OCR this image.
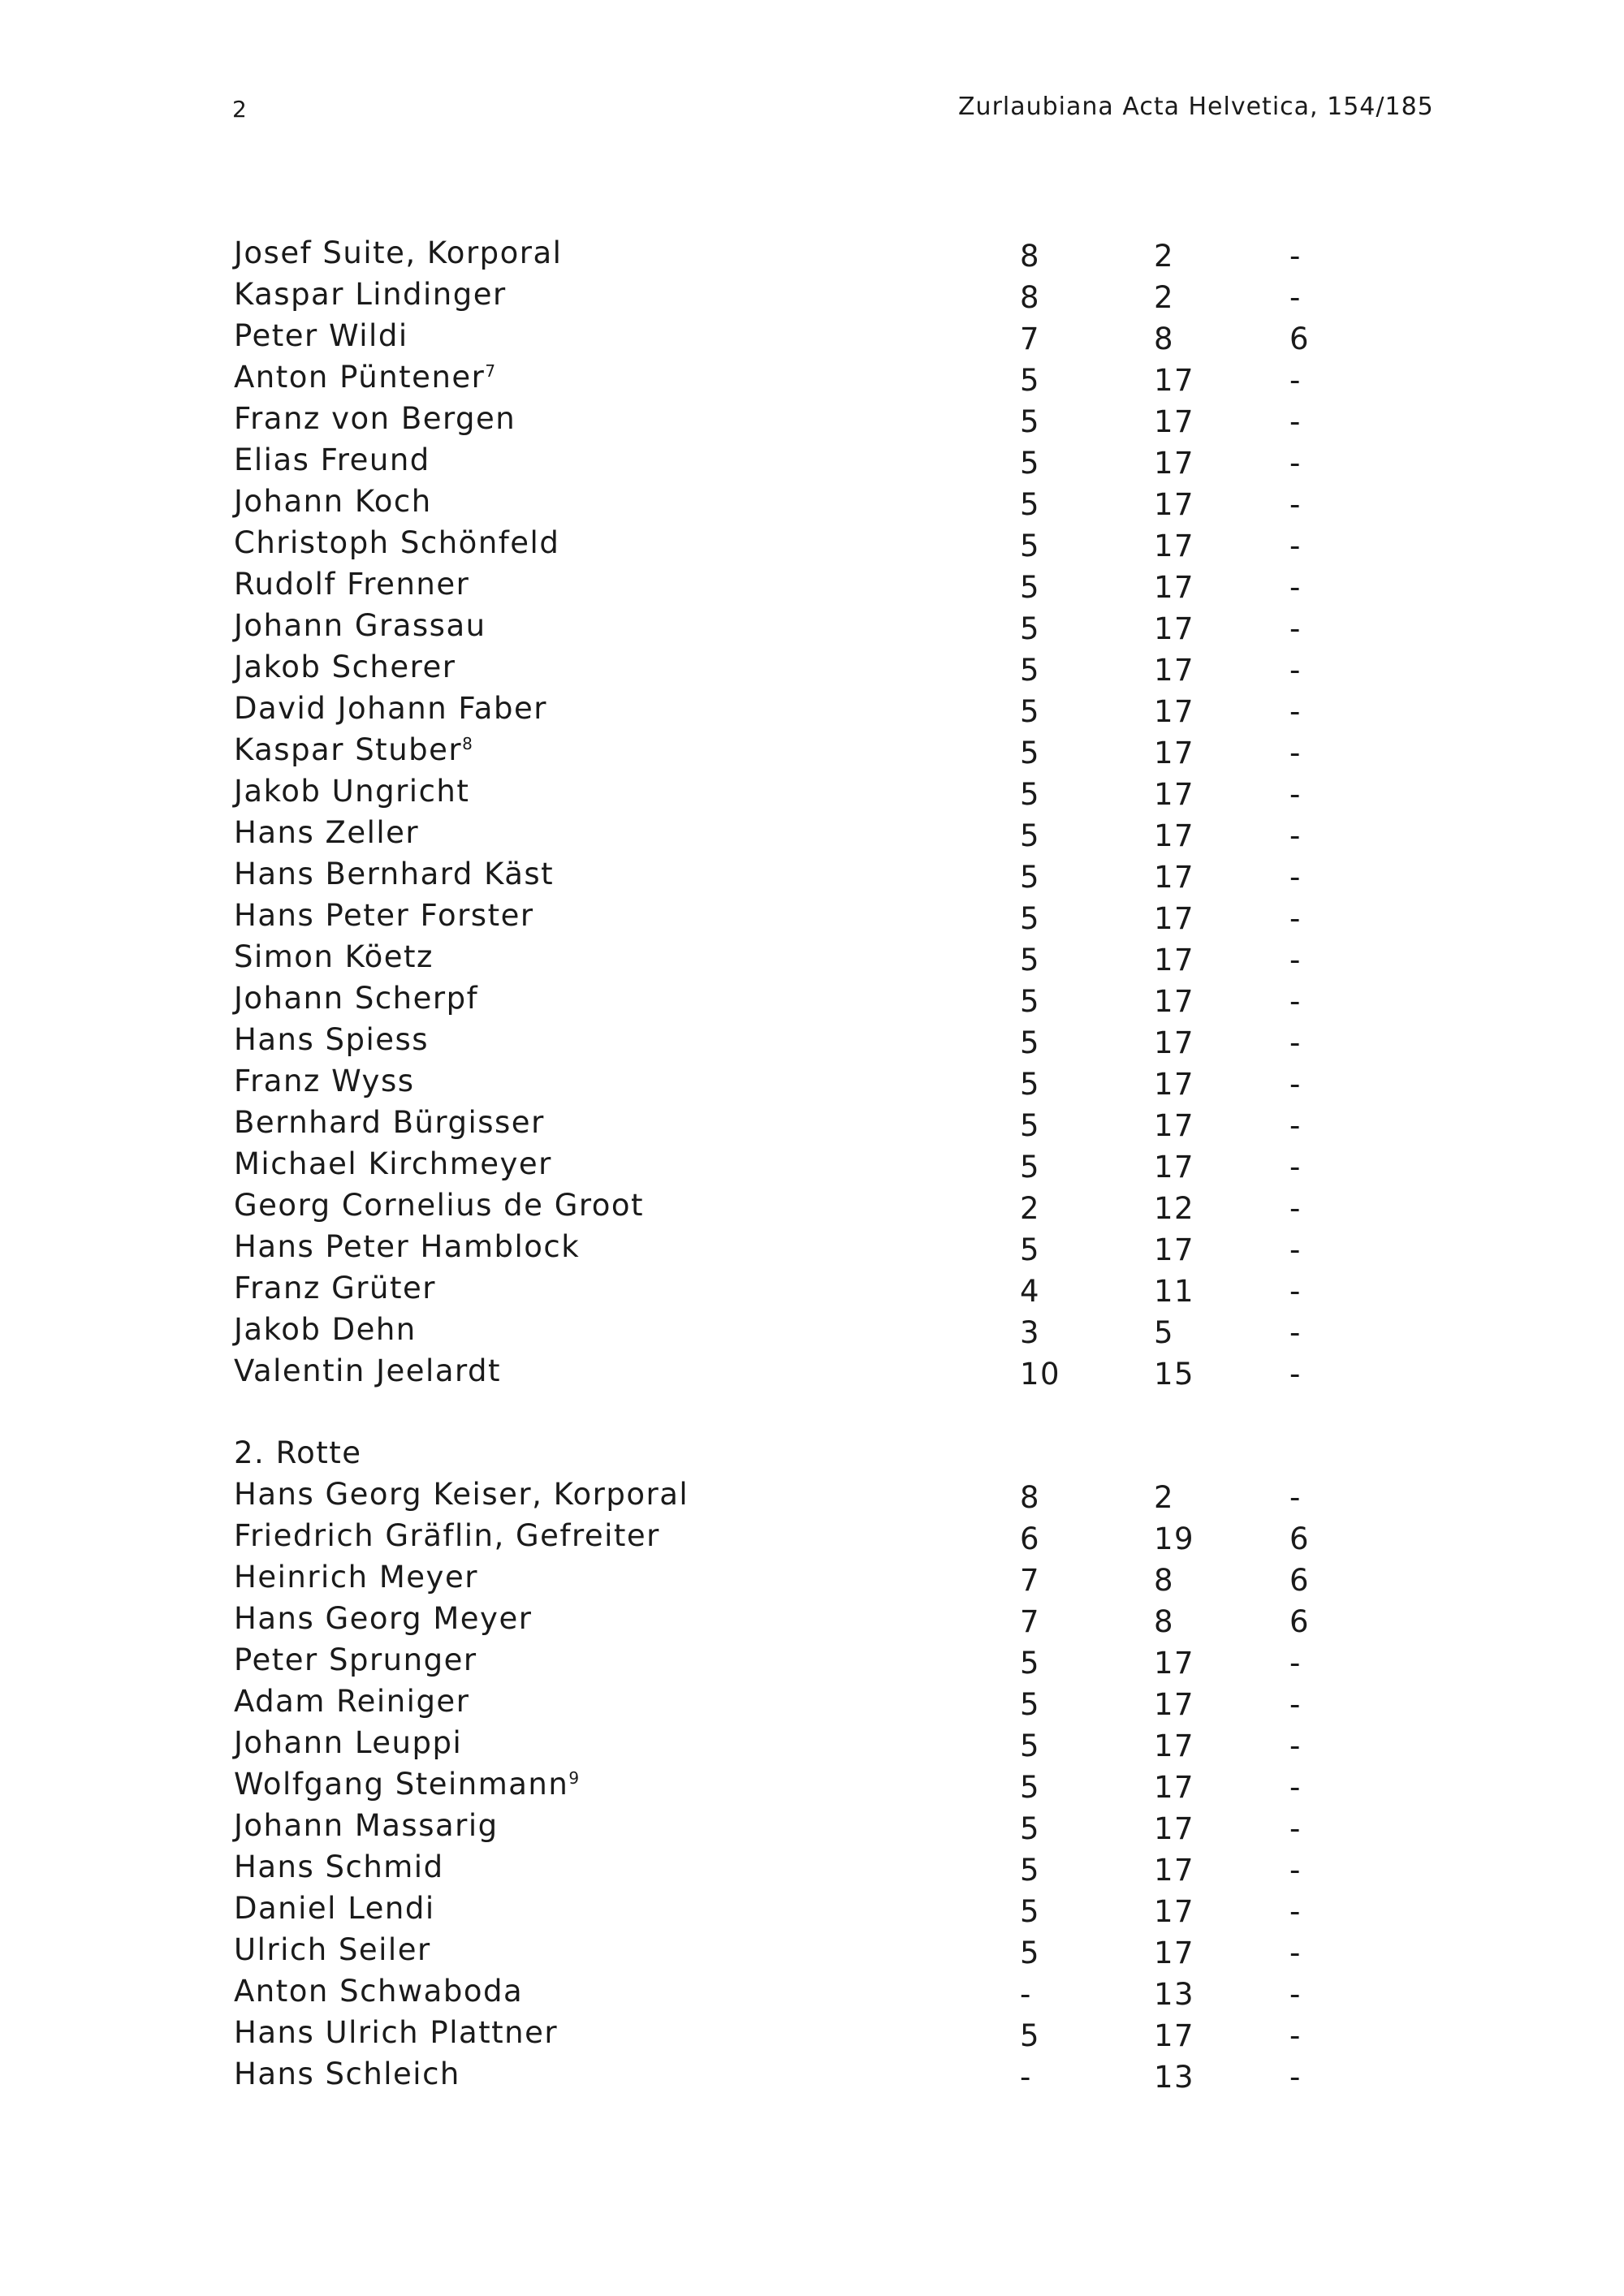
2	Zurlaubiana Acta Helvetica, 154/185
Josef Suite, Korporal	8	2	-
Kaspar Lindinger	8	2	-
Peter Wildi	7	8	6
Anton Püntener$^7$	5	17	-
Franz von Bergen	5	17	-
Elias Freund	5	17	-
Johann Koch	5	17	-
Christoph Schönfeld	5	17	-
Rudolf Frenner	5	17	-
Johann Grassau	5	17	-
Jakob Scherer	5	17	-
David Johann Faber	5	17	-
Kaspar Stuber$^8$	5	17	-
Jakob Ungricht	5	17	-
Hans Zeller	5	17	-
Hans Bernhard Käst	5	17	-
Hans Peter Forster	5	17	-
Simon Köetz	5	17	-
Johann Scherpf	5	17	-
Hans Spiess	5	17	-
Franz Wyss	5	17	-
Bernhard Bürgisser	5	17	-
Michael Kirchmeyer	5	17	-
Georg Cornelius de Groot	2	12	-
Hans Peter Hamblock	5	17	-
Franz Grüter	4	11	-
Jakob Dehn	3	5	-
Valentin Jeelardt	10	15	-
2. Rotte
Hans Georg Keiser, Korporal	8	2	-
Friedrich Gräflin, Gefreiter	6	19	6
Heinrich Meyer	7	8	6
Hans Georg Meyer	7	8	6
Peter Sprunger	5	17	-
Adam Reiniger	5	17	-
Johann Leuppi	5	17	-
Wolfgang Steinmann$^9$	5	17	-
Johann Massarig	5	17	-
Hans Schmid	5	17	-
Daniel Lendi	5	17	-
Ulrich Seiler	5	17	-
Anton Schwaboda	-	13	-
Hans Ulrich Plattner	5	17	-
Hans Schleich	-	13	-
